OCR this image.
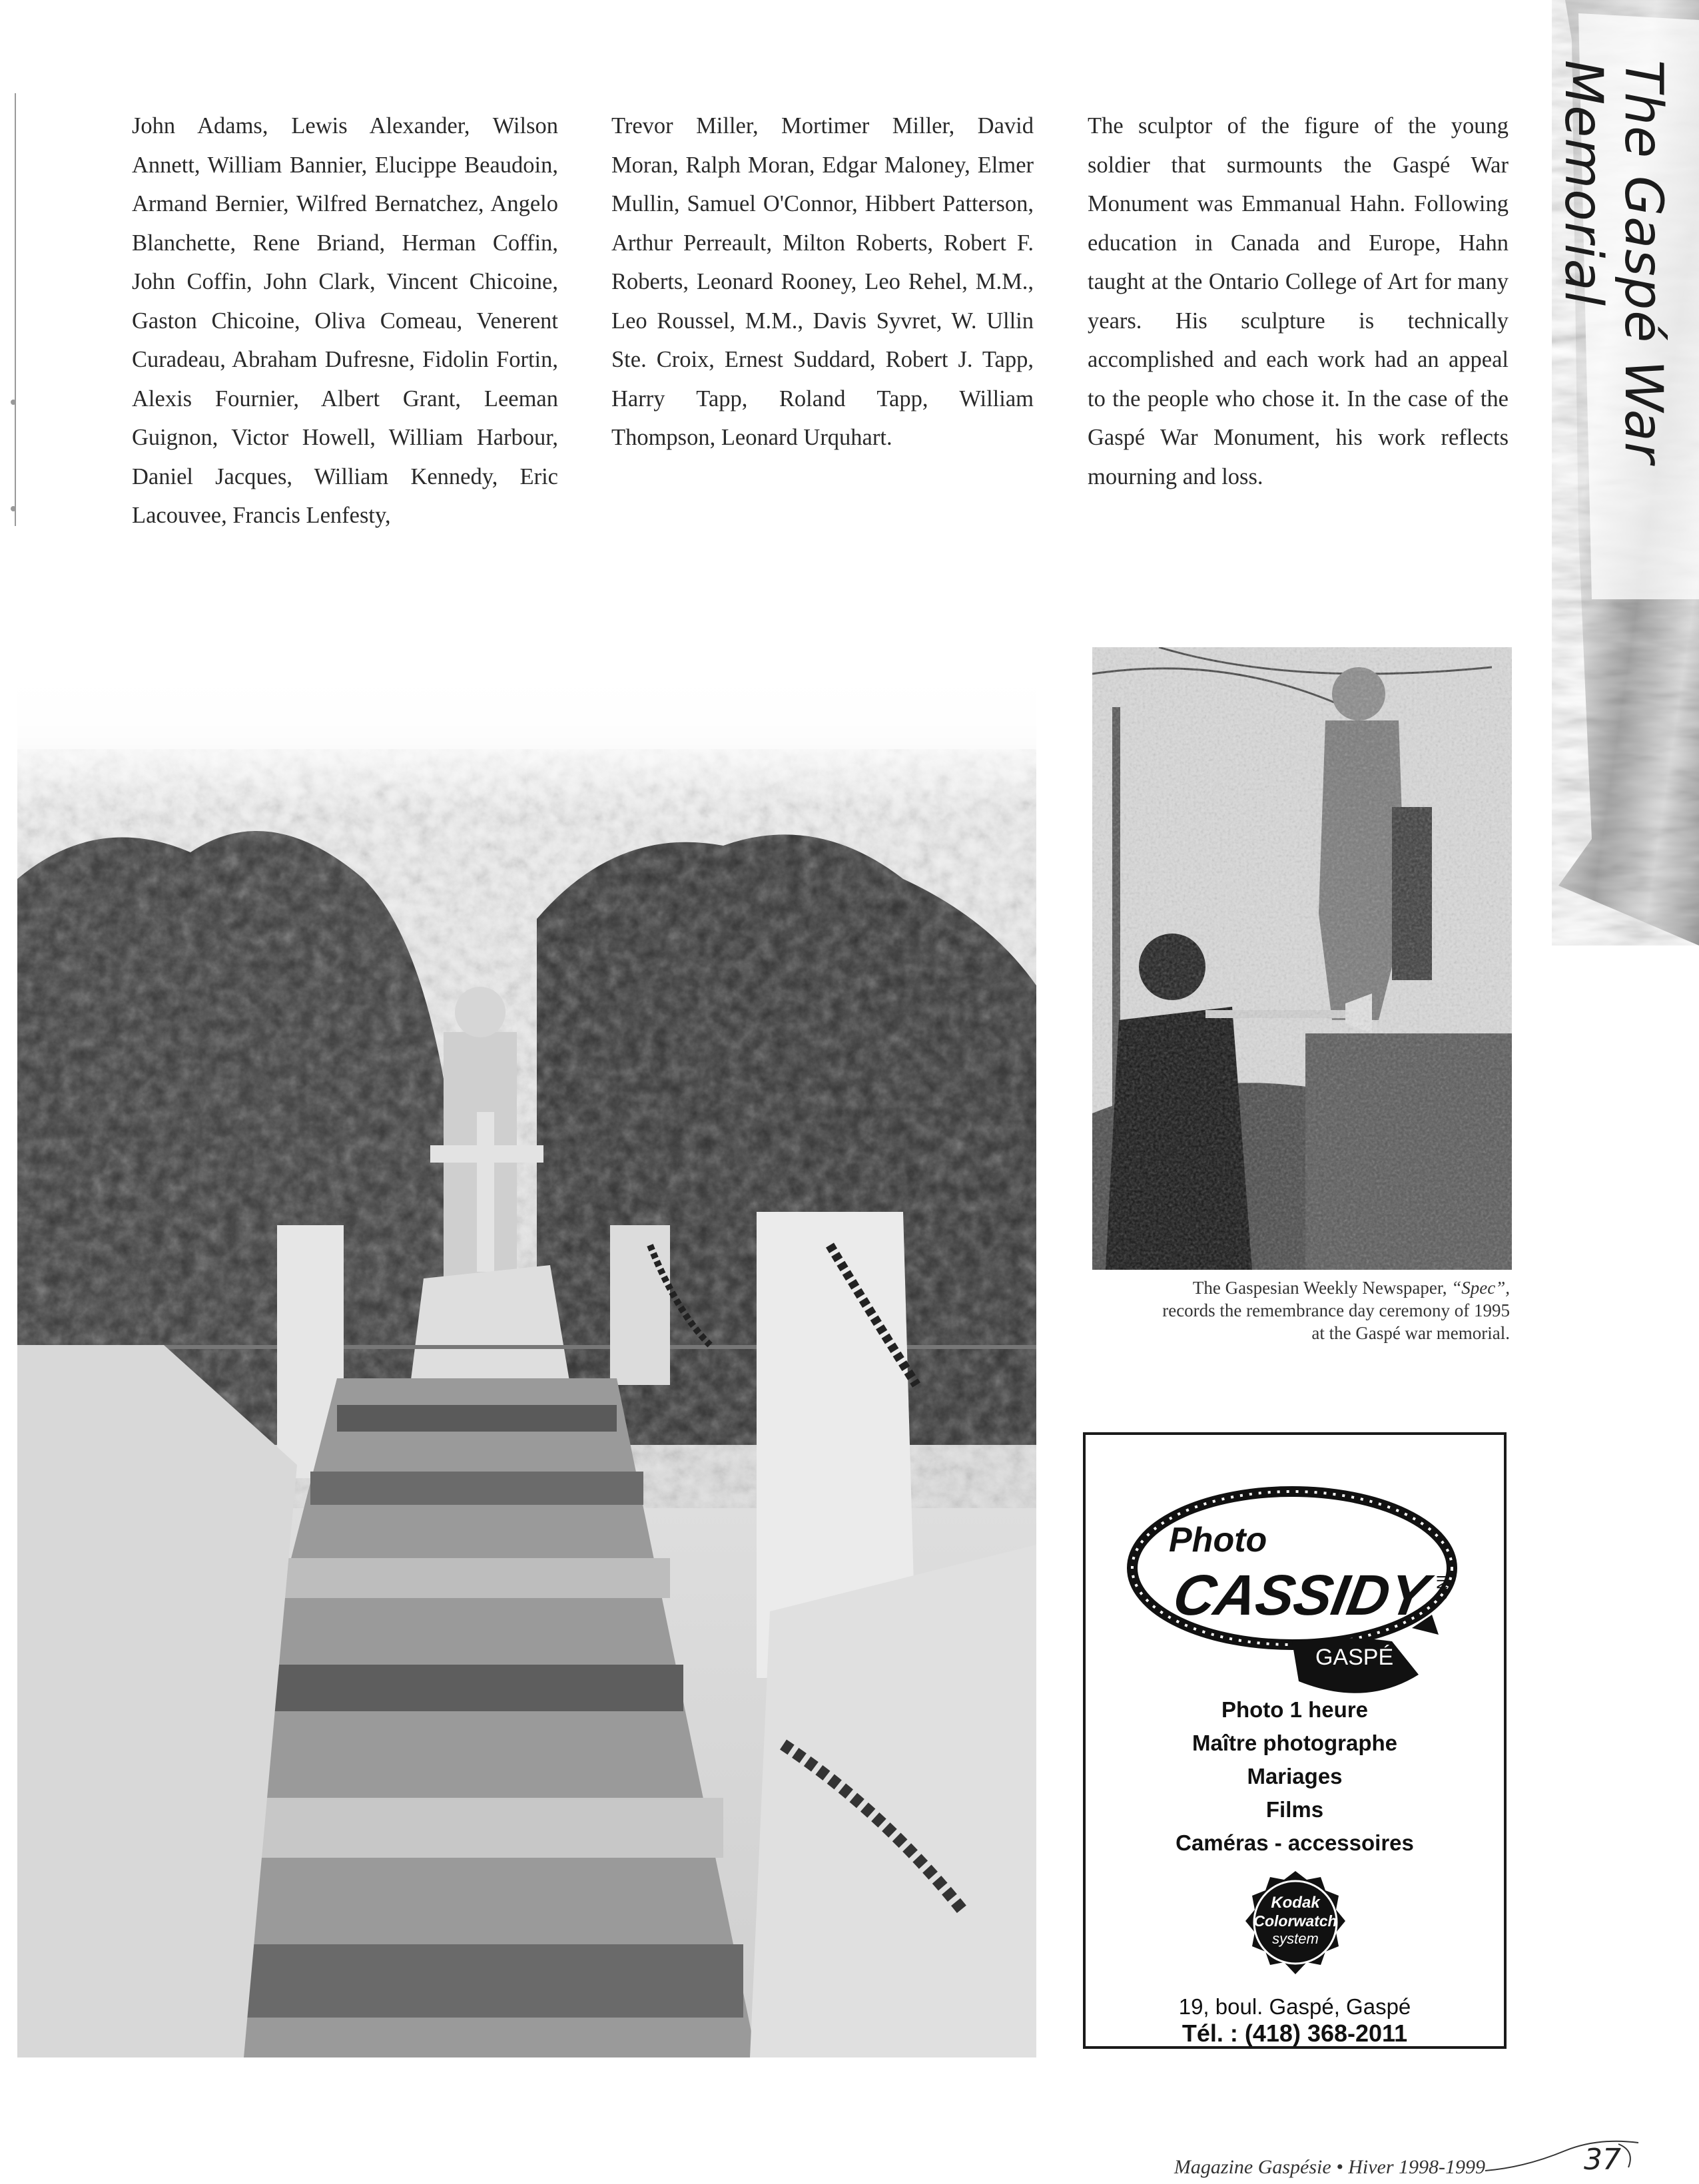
John Adams, Lewis Alexander, Wilson Annett, William Bannier, Elucippe Beaudoin, Armand Bernier, Wilfred Bernatchez, Angelo Blanchette, Rene Briand, Herman Coffin, John Coffin, John Clark, Vincent Chicoine, Gaston Chicoine, Oliva Comeau, Venerent Curadeau, Abraham Dufresne, Fidolin Fortin, Alexis Fournier, Albert Grant, Leeman Guignon, Victor Howell, William Harbour, Daniel Jacques, William Kennedy, Eric Lacouvee, Francis Lenfesty,
Trevor Miller, Mortimer Miller, David Moran, Ralph Moran, Edgar Maloney, Elmer Mullin, Samuel O'Connor, Hibbert Patterson, Arthur Perreault, Milton Roberts, Robert F. Roberts, Leonard Rooney, Leo Rehel, M.M., Leo Roussel, M.M., Davis Syvret, W. Ullin Ste. Croix, Ernest Suddard, Robert J. Tapp, Harry Tapp, Roland Tapp, William Thompson, Leonard Urquhart.
The sculptor of the figure of the young soldier that surmounts the Gaspé War Monument was Emmanual Hahn. Following education in Canada and Europe, Hahn taught at the Ontario College of Art for many years. His sculpture is technically accomplished and each work had an appeal to the people who chose it. In the case of the Gaspé War Monument, his work reflects mourning and loss.
The Gaspé War Memorial
The Gaspesian Weekly Newspaper, “Spec”,
records the remembrance day ceremony of 1995
at the Gaspé war memorial.
Photo
CASSIDY INC
GASPÉ
Photo 1 heure
Maître photographe
Mariages
Films
Caméras - accessoires
Kodak
Colorwatch
system
19, boul. Gaspé, Gaspé
Tél. : (418) 368-2011
Magazine Gaspésie • Hiver 1998-1999	37
